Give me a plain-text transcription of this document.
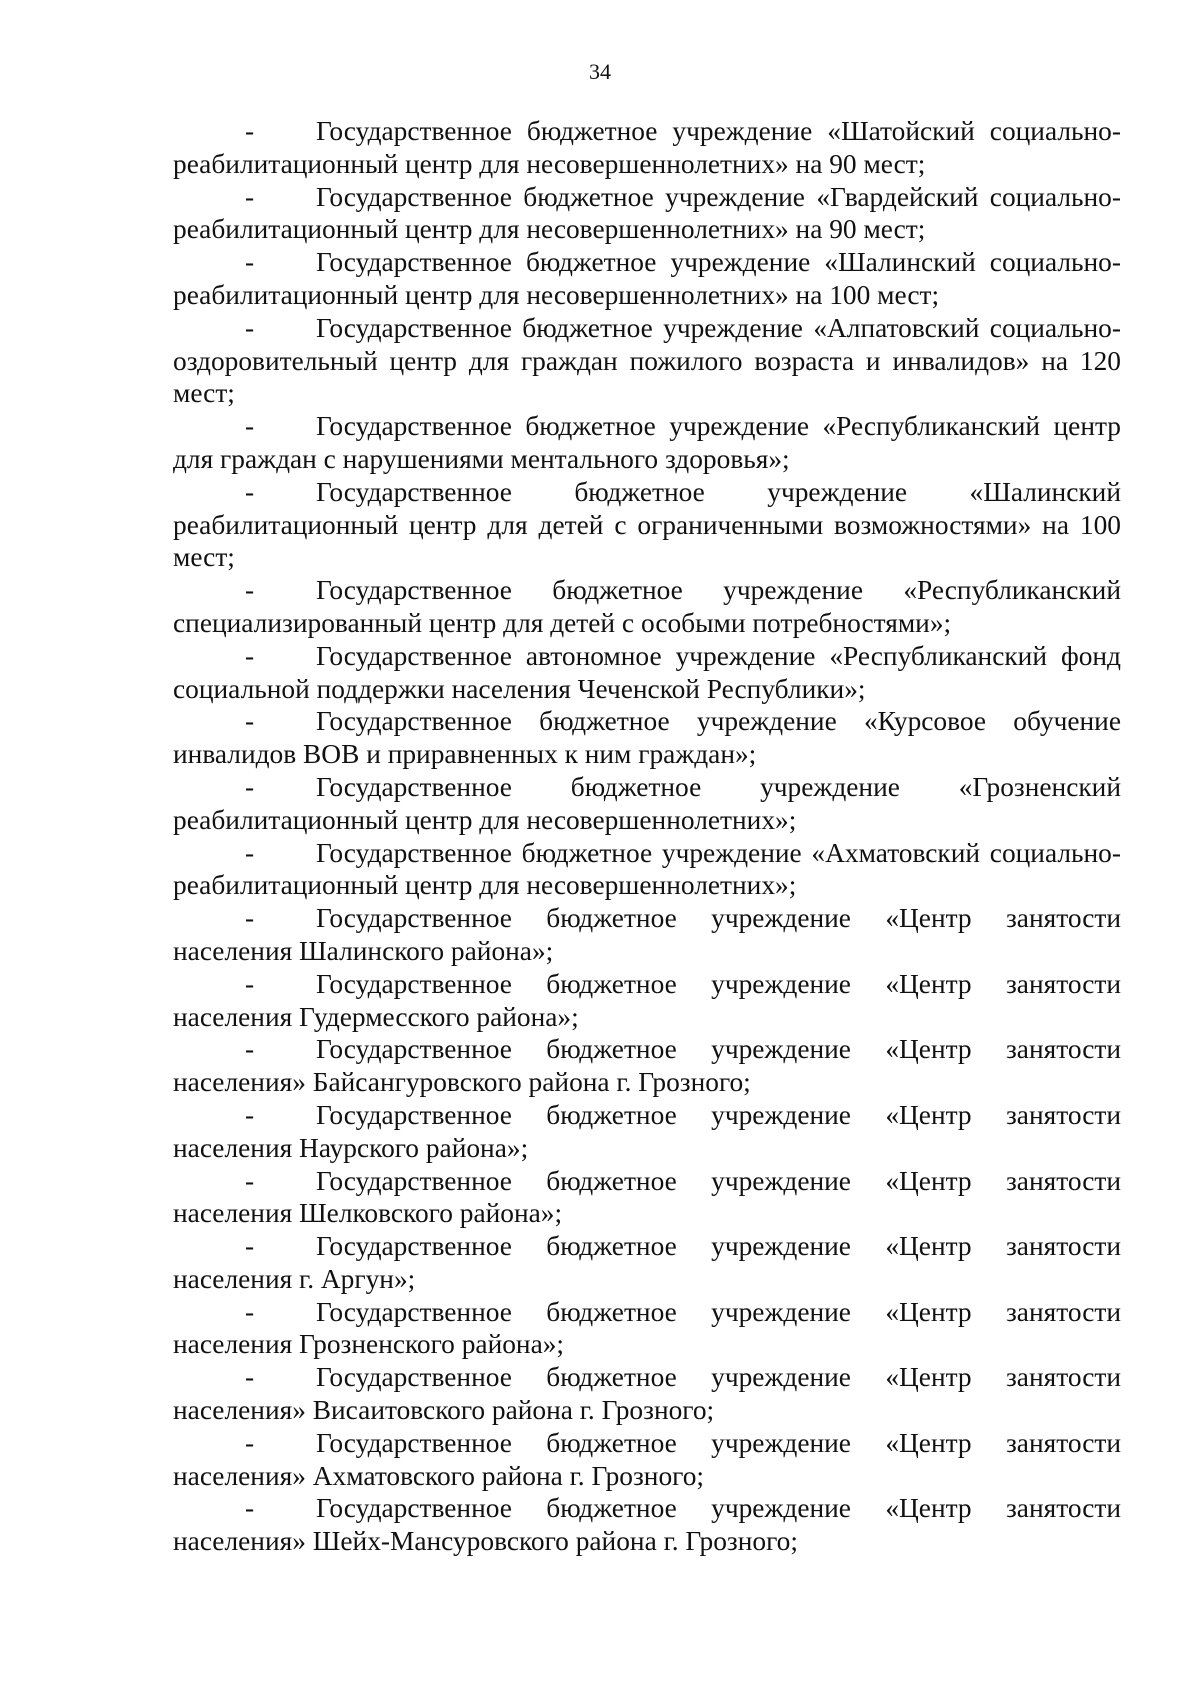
34
- Государственное бюджетное учреждение «Шатойский социально-реабилитационный центр для несовершеннолетних» на 90 мест;
- Государственное бюджетное учреждение «Гвардейский социально-реабилитационный центр для несовершеннолетних» на 90 мест;
- Государственное бюджетное учреждение «Шалинский социально-реабилитационный центр для несовершеннолетних» на 100 мест;
- Государственное бюджетное учреждение «Алпатовский социально-оздоровительный центр для граждан пожилого возраста и инвалидов» на 120 мест;
- Государственное бюджетное учреждение «Республиканский центр для граждан с нарушениями ментального здоровья»;
- Государственное бюджетное учреждение «Шалинский реабилитационный центр для детей с ограниченными возможностями» на 100 мест;
- Государственное бюджетное учреждение «Республиканский специализированный центр для детей с особыми потребностями»;
- Государственное автономное учреждение «Республиканский фонд социальной поддержки населения Чеченской Республики»;
- Государственное бюджетное учреждение «Курсовое обучение инвалидов ВОВ и приравненных к ним граждан»;
- Государственное бюджетное учреждение «Грозненский реабилитационный центр для несовершеннолетних»;
- Государственное бюджетное учреждение «Ахматовский социально-реабилитационный центр для несовершеннолетних»;
- Государственное бюджетное учреждение «Центр занятости населения Шалинского района»;
- Государственное бюджетное учреждение «Центр занятости населения Гудермесского района»;
- Государственное бюджетное учреждение «Центр занятости населения» Байсангуровского района г. Грозного;
- Государственное бюджетное учреждение «Центр занятости населения Наурского района»;
- Государственное бюджетное учреждение «Центр занятости населения Шелковского района»;
- Государственное бюджетное учреждение «Центр занятости населения г. Аргун»;
- Государственное бюджетное учреждение «Центр занятости населения Грозненского района»;
- Государственное бюджетное учреждение «Центр занятости населения» Висаитовского района г. Грозного;
- Государственное бюджетное учреждение «Центр занятости населения» Ахматовского района г. Грозного;
- Государственное бюджетное учреждение «Центр занятости населения» Шейх-Мансуровского района г. Грозного;
